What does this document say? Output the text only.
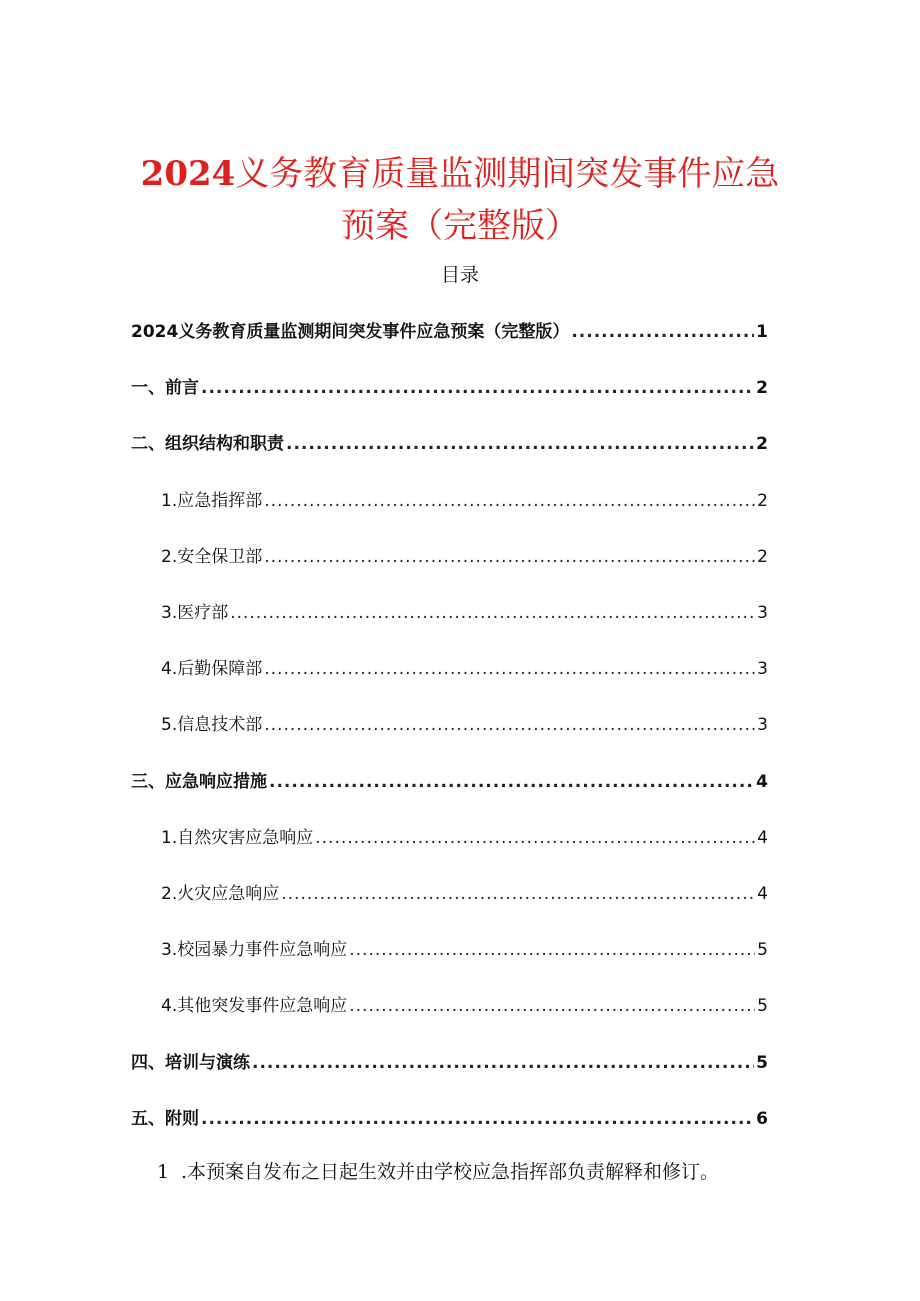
2024义务教育质量监测期间突发事件应急
预案（完整版）
目录
2024义务教育质量监测期间突发事件应急预案（完整版） .....	1
一、前言 .....	2
二、组织结构和职责 .....	2
1 .应急指挥部 .....	2
2 .安全保卫部 .....	2
3 .医疗部 .....	3
4 .后勤保障部 .....	3
5 .信息技术部 .....	3
三、应急响应措施 .....	4
1 .自然灾害应急响应 .....	4
2 .火灾应急响应 .....	4
3 .校园暴力事件应急响应 .....	5
4 .其他突发事件应急响应 .....	5
四、培训与演练 .....	5
五、附则 .....	6
1 .本预案自发布之日起生效并由学校应急指挥部负责解释和修订。
